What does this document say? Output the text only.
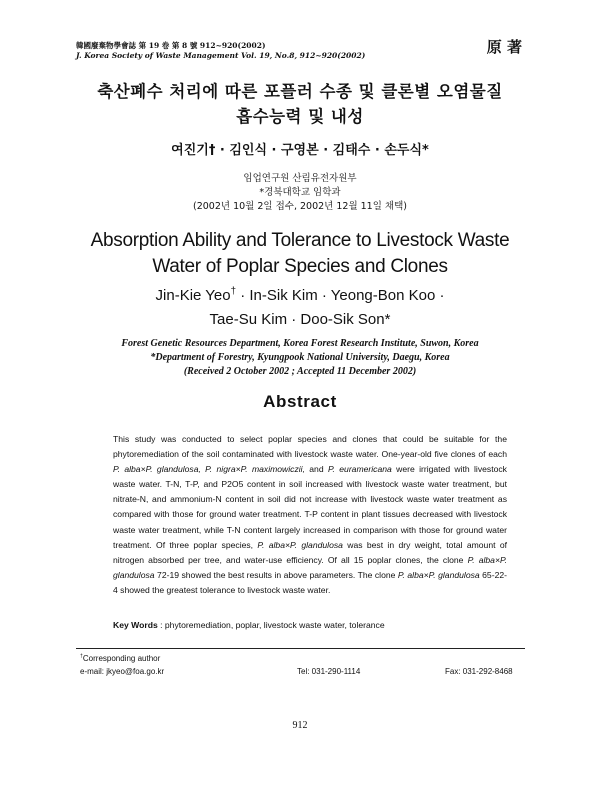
韓國廢棄物學會誌 第 19 卷 第 8 號 912~920(2002)
J. Korea Society of Waste Management Vol. 19, No.8, 912~920(2002)	原 著
축산폐수 처리에 따른 포플러 수종 및 클론별 오염물질
흡수능력 및 내성
여진기† · 김인식 · 구영본 · 김태수 · 손두식*
임업연구원 산림유전자원부
*경북대학교 임학과
(2002년 10월 2일 접수, 2002년 12월 11일 채택)
Absorption Ability and Tolerance to Livestock Waste
Water of Poplar Species and Clones
Jin-Kie Yeo† · In-Sik Kim · Yeong-Bon Koo ·
Tae-Su Kim · Doo-Sik Son*
Forest Genetic Resources Department, Korea Forest Research Institute, Suwon, Korea
*Department of Forestry, Kyungpook National University, Daegu, Korea
(Received 2 October 2002 ; Accepted 11 December 2002)
Abstract

This study was conducted to select poplar species and clones that could be suitable for the phytoremediation of the soil contaminated with livestock waste water. One-year-old five clones of each P. alba×P. glandulosa, P. nigra×P. maximowiczii, and P. euramericana were irrigated with livestock waste water. T-N, T-P, and P2O5 content in soil increased with livestock waste water treatment, but nitrate-N, and ammonium-N content in soil did not increase with livestock waste water treatment as compared with those for ground water treatment. T-P content in plant tissues decreased with livestock waste water treatment, while T-N content largely increased in comparison with those for ground water treatment. Of three poplar species, P. alba×P. glandulosa was best in dry weight, total amount of nitrogen absorbed per tree, and water-use efficiency. Of all 15 poplar clones, the clone P. alba×P. glandulosa 72-19 showed the best results in above parameters. The clone P. alba×P. glandulosa 65-22-4 showed the greatest tolerance to livestock waste water.

Key Words : phytoremediation, poplar, livestock waste water, tolerance
†Corresponding author
e-mail: jkyeo@foa.go.kr	Tel: 031-290-1114	Fax: 031-292-8468
912
